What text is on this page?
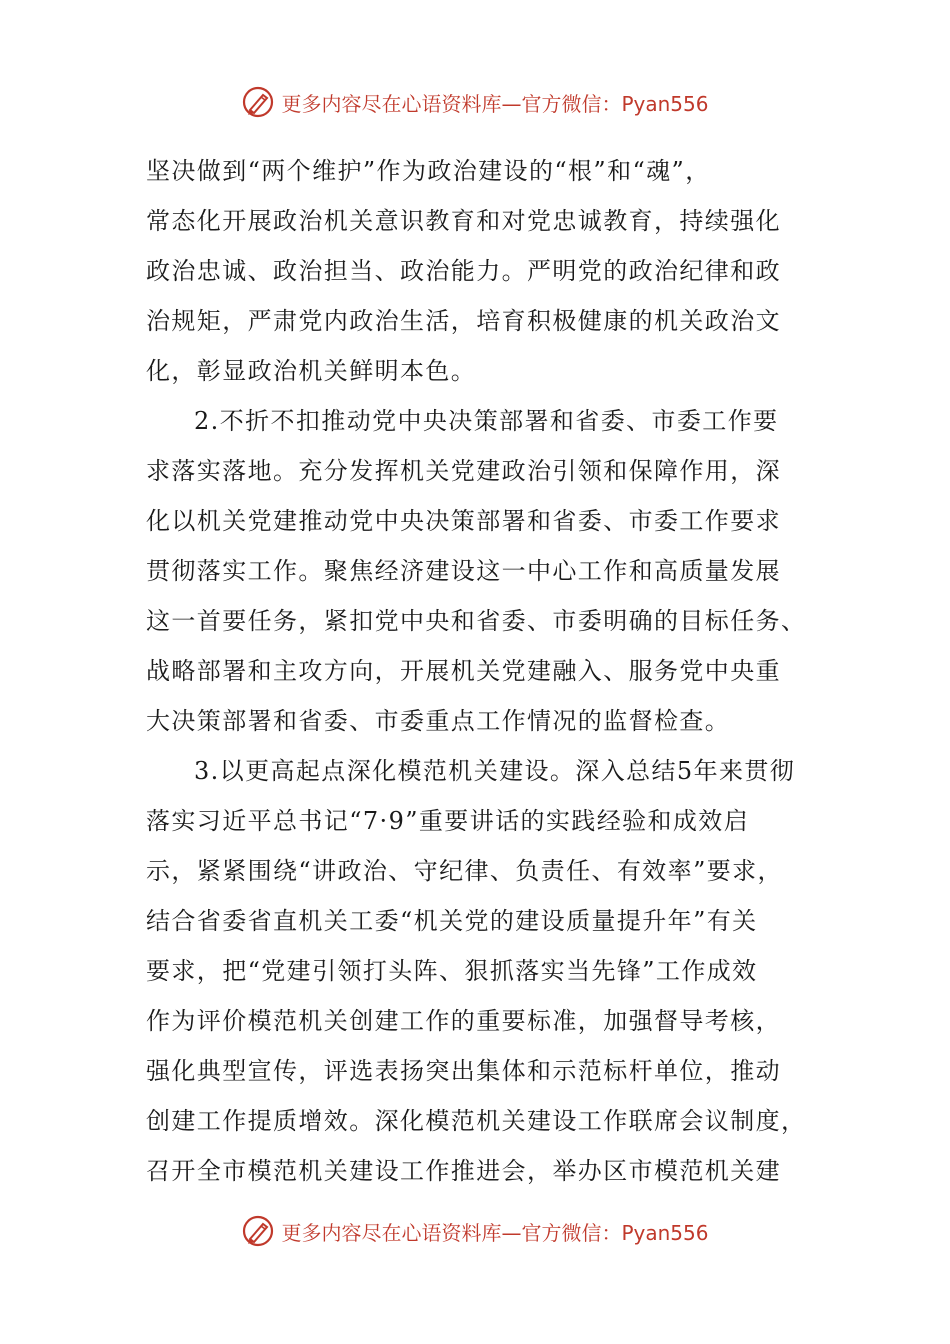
更多内容尽在心语资料库—官方微信：Pyan556
坚决做到“两个维护”作为政治建设的“根”和“魂”，
常态化开展政治机关意识教育和对党忠诚教育，持续强化
政治忠诚、政治担当、政治能力。严明党的政治纪律和政
治规矩，严肃党内政治生活，培育积极健康的机关政治文
化，彰显政治机关鲜明本色。
2.不折不扣推动党中央决策部署和省委、市委工作要
求落实落地。充分发挥机关党建政治引领和保障作用，深
化以机关党建推动党中央决策部署和省委、市委工作要求
贯彻落实工作。聚焦经济建设这一中心工作和高质量发展
这一首要任务，紧扣党中央和省委、市委明确的目标任务、
战略部署和主攻方向，开展机关党建融入、服务党中央重
大决策部署和省委、市委重点工作情况的监督检查。
3.以更高起点深化模范机关建设。深入总结5年来贯彻
落实习近平总书记“7·9”重要讲话的实践经验和成效启
示，紧紧围绕“讲政治、守纪律、负责任、有效率”要求，
结合省委省直机关工委“机关党的建设质量提升年”有关
要求，把“党建引领打头阵、狠抓落实当先锋”工作成效
作为评价模范机关创建工作的重要标准，加强督导考核，
强化典型宣传，评选表扬突出集体和示范标杆单位，推动
创建工作提质增效。深化模范机关建设工作联席会议制度，
召开全市模范机关建设工作推进会，举办区市模范机关建
更多内容尽在心语资料库—官方微信：Pyan556
